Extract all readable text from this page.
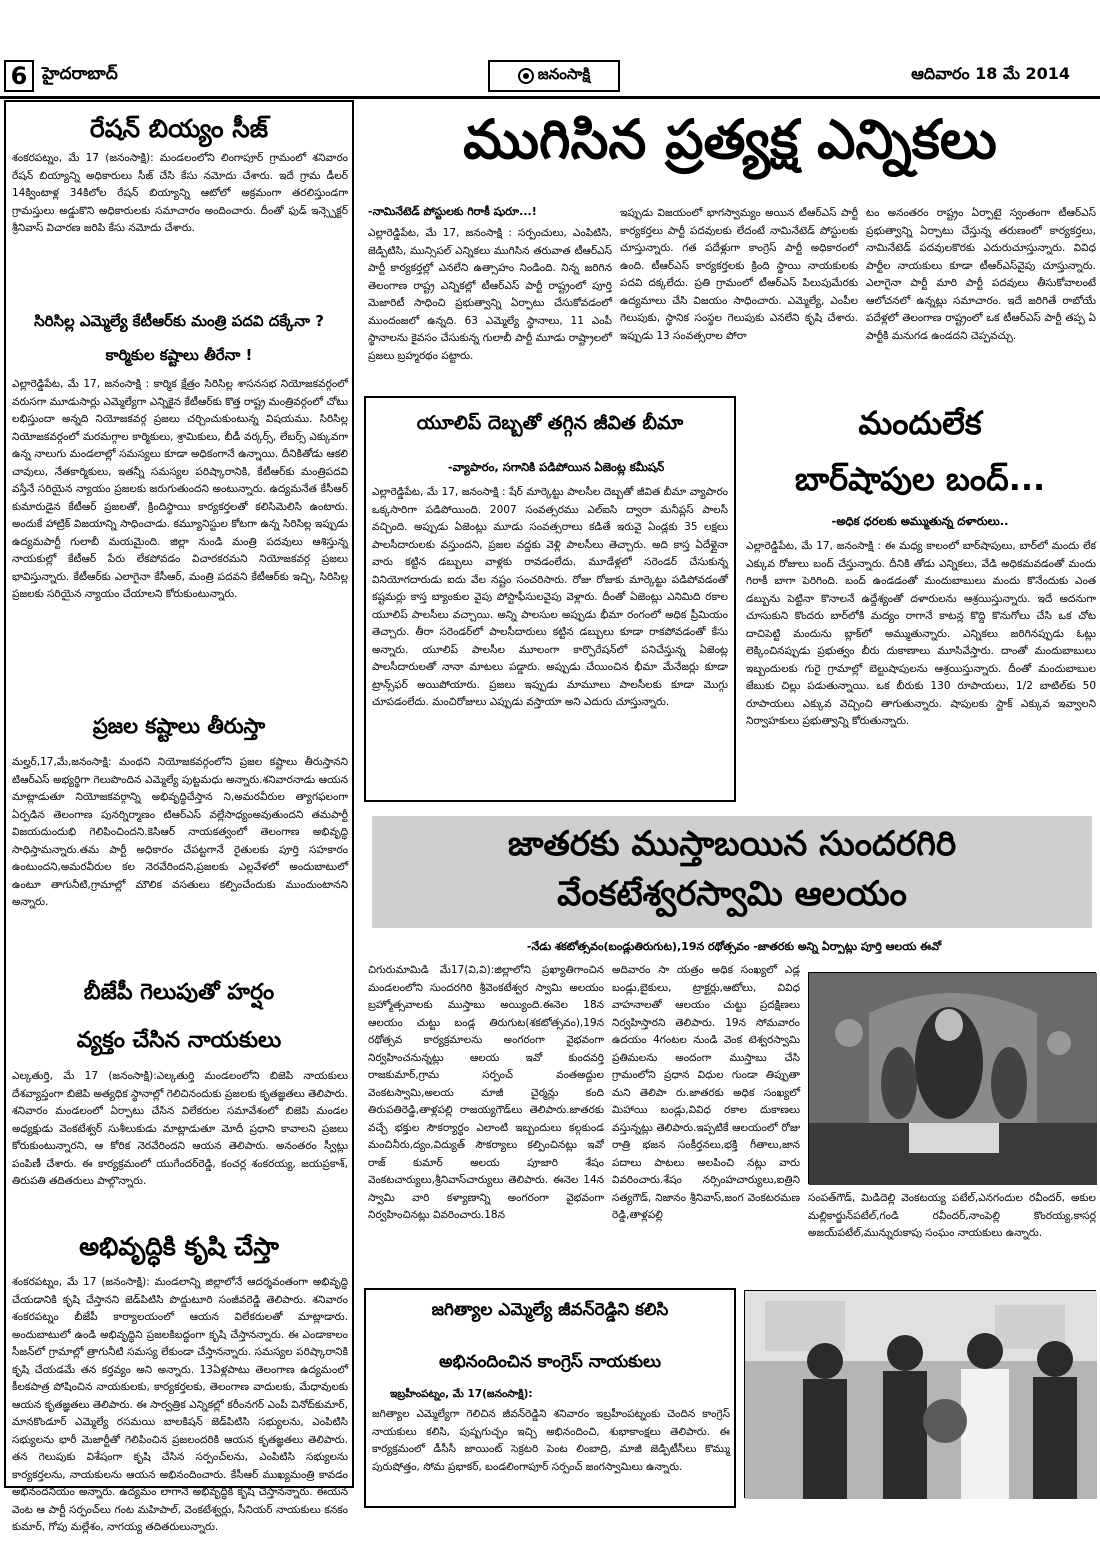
6 హైదరాబాద్	జనంసాక్షి	ఆదివారం 18 మే 2014
రేషన్ బియ్యం సీజ్
శంకరపట్నం, మే 17 (జనంసాక్షి): మండలంలోని లింగాపూర్ గ్రామంలో శనివారం రేషన్ బియ్యాన్ని అధికారులు సీజ్ చేసి కేసు నమోదు చేశారు. ఇదే గ్రామ డీలర్ 14క్వింటాళ్ల 34కిలోల రేషన్ బియ్యాన్ని ఆటోలో అక్రమంగా తరలిస్తుండగా గ్రామస్తులు అడ్డుకొని అధికారులకు సమాచారం అందించారు. దీంతో ఫుడ్ ఇన్స్పెక్టర్ శ్రీనివాస్ విచారణ జరిపి కేసు నమోదు చేశారు.
సిరిసిల్ల ఎమ్మెల్యే కేటీఆర్‌కు మంత్రి పదవి దక్కేనా ?
కార్మికుల కష్టాలు తీరేనా !
ఎల్లారెడ్డిపేట, మే 17, జనంసాక్షి : కార్మిక క్షేత్రం సిరిసిల్ల శాసనసభ నియోజకవర్గంలో వరుసగా మూడుసార్లు ఎమ్మెల్యేగా ఎన్నికైన కేటీఆర్‌కు కొత్త రాష్ట్ర మంత్రివర్గంలో చోటు లభిస్తుందా అన్నది నియోజకవర్గ ప్రజలు చర్చించుకుంటున్న విషయము. సిరిసిల్ల నియోజకవర్గంలో మరమగ్గాల కార్మికులు, శ్రామికులు, బీడీ వర్కర్స్, లేబర్స్ ఎక్కువగా ఉన్న నాలుగు మండలాల్లో సమస్యలు కూడా అధికంగానే ఉన్నాయి. దీనికితోడు ఆకలి చావులు, నేతకార్మికులు, ఇతన్నీ సమస్యల పరిష్కారానికి, కేటీఆర్‌కు మంత్రిపదవి వస్తేనే సరియైన న్యాయం ప్రజలకు జరుగుతుందని అంటున్నారు. ఉద్యమనేత కేసీఆర్ కుమారుడైన కేటీఆర్ ప్రజలతో, క్రిందిస్థాయి కార్యకర్తలతో కలిసిమెలిసి ఉంటారు. అందుకే హాట్రిక్ విజయాన్ని సాధించాడు. కమ్యూనిస్టుల కోటగా ఉన్న సిరిసిల్ల ఇప్పుడు ఉద్యమపార్టీ గులాబీ మయమైంది. జిల్లా నుండి మంత్రి పదవులు ఆశిస్తున్న నాయకుల్లో కేటీఆర్ పేరు లేకపోవడం విచారకరమని నియోజకవర్గ ప్రజలు భావిస్తున్నారు. కేటీఆర్‌కు ఎలాగైనా కేసీఆర్, మంత్రి పదవని కేటీఆర్‌కు ఇచ్చి, సిరిసిల్ల ప్రజలకు సరియైన న్యాయం చేయాలని కోరుకుంటున్నారు.
ప్రజల కష్టాలు తీరుస్తా
మల్హర్,17,మే,జనంసాక్షి: మంథని నియోజకవర్గంలోని ప్రజల కష్టాలు తీరుస్తానని టిఆర్‌ఎస్ అభ్యర్థిగా గెలుపొందిన ఎమ్మెల్యే పుట్టమధు అన్నారు.శనివారనాడు ఆయన మాట్లాడుతూ నియోజకవర్గాన్ని అభివృద్ధిచేస్తాన ని,అమరవీరుల త్యాగఫలంగా ఏర్పడిన తెలంగాణ పునర్నిర్మాణం టిఆర్‌ఎస్ వల్లేసాధ్యంఅవుతుందని తమపార్టీ విజయదుందుభి గెలిపించిందని.కెసిఆర్ నాయకత్వంలో తెలంగాణ అభివృద్ధి సాధిస్తామన్నారు.తమ పార్టీ అధికారం చేపట్టగానే రైతులకు పూర్తి సహకారం ఉంటుందని,అమరవీరుల కల నెరవేరిందని,ప్రజలకు ఎల్లవేళలో అందుబాటులో ఉంటూ తాగునీటి,గ్రామాల్లో మౌలిక వసతులు కల్పించేందుకు ముందుంటానని అన్నారు.
బీజేపీ గెలుపుతో హర్షం
వ్యక్తం చేసిన నాయకులు
ఎల్కతుర్తి, మే 17 (జనంసాక్షి):ఎల్కతుర్తి మండలంలోని బిజెపి నాయకులు దేశవ్యాప్తంగా బిజెపి అత్యధిక స్థానాల్లో గెలిచినందుకు ప్రజలకు కృతజ్ఞతలు తెలిపారు. శనివారం మండలంలో ఏర్పాటు చేసిన విలేకరుల సమావేశంలో బిజెపి మండల అధ్యక్షుడు వెంకటేశ్వర్ సుశీలుకుడు మాట్లాడుతూ మోదీ ప్రధాని కావాలని ప్రజలు కోరుకుంటున్నారని, ఆ కోరిక నెరవేరిందని ఆయన తెలిపారు. అనంతరం స్వీట్లు పంపిణీ చేశారు. ఈ కార్యక్రమంలో యుగేందర్‌రెడ్డి, కంచర్ల శంకరయ్య, జయప్రకాశ్, తిరుపతి తదితరులు పాల్గొన్నారు.
అభివృద్ధికి కృషి చేస్తా
శంకరపట్నం, మే 17 (జనంసాక్షి): మండలాన్ని జిల్లాలోనే ఆదర్శవంతంగా అభివృద్ధి చేయడానికి కృషి చేస్తానని జెడ్‌పిటిసి పొద్దుటూరి సంజీవరెడ్డి తెలిపారు. శనివారం శంకరపట్నం బీజేపీ కార్యాలయంలో ఆయన విలేకరులతో మాట్లాడారు. అందుబాటులో ఉండి అభివృద్ధిని ప్రజలకిబద్ధంగా కృషి చేస్తానన్నారు. ఈ ఎండాకాలం సీజన్‌లో గ్రామాల్లో త్రాగునీటి సమస్య లేకుండా చేస్తానన్నారు. సమస్యల పరిష్కారానికి కృషి చేయడమే తన కర్తవ్యం అని అన్నారు. 13ఏళ్లపాటు తెలంగాణ ఉద్యమంలో కీలకపాత్ర పోషించిన నాయకులకు, కార్యకర్తలకు, తెలంగాణ వాదులకు, మేధావులకు ఆయన కృతజ్ఞతలు తెలిపారు. ఈ సార్వత్రిక ఎన్నికల్లో కరీంనగర్ ఎంపీ వినోద్‌కుమార్, మానకొండూర్ ఎమ్మెల్యే రసమయి బాలకిషన్ జెడ్‌పిటిసి సభ్యులను, ఎంపిటిసి సభ్యులను భారీ మెజార్టీతో గెలిపించిన ప్రజలందరికి ఆయన కృతజ్ఞతలు తెలిపారు. తన గెలుపుకు విశేషంగా కృషి చేసిన సర్పంచ్‌లను, ఎంపిటిసి సభ్యులను కార్యకర్తలను, నాయకులను ఆయన అభినందించారు. కేసీఆర్ ముఖ్యమంత్రి కావడం అభినందనీయం అన్నారు. ఉద్యమం లాగానే అభివృద్ధికి కృషి చేస్తానన్నారు. ఈయన వెంట ఆ పార్టీ సర్పంచ్‌లు గంట మహిపాల్, వెంకటేశ్వర్లు, సీనియర్ నాయకులు కనకం కుమార్, గోపు మల్లేశం, నాగయ్య తదితరులున్నారు.
ముగిసిన ప్రత్యక్ష ఎన్నికలు
-నామినేటెడ్ పోస్టులకు గిరాకీ షురూ...!
ఎల్లారెడ్డిపేట, మే 17, జనంసాక్షి : సర్పంచులు, ఎంపిటిసి, జెడ్పిటిసి, మున్సిపల్ ఎన్నికలు ముగిసిన తరువాత టీఆర్‌ఎస్ పార్టీ కార్యకర్తల్లో ఎనలేని ఉత్సాహం నిండింది. నిన్న జరిగిన తెలంగాణ రాష్ట్ర ఎన్నికల్లో టీఆర్‌ఎస్ పార్టీ రాష్ట్రంలో పూర్తి మెజారిటీ సాధించి ప్రభుత్వాన్ని ఏర్పాటు చేసుకోవడంలో ముందంజలో ఉన్నది. 63 ఎమ్మెల్యే స్థానాలు, 11 ఎంపీ స్థానాలను కైవసం చేసుకున్న గులాబీ పార్టీ మూడు రాష్ట్రాలలో ప్రజలు బ్రహ్మరథం పట్టారు.
ఇప్పుడు విజయంలో భాగస్వామ్యం అయిన టీఆర్‌ఎస్ పార్టీ కార్యకర్తలు పార్టీ పదవులకు లేదంటే నామినేటెడ్ పోస్టులకు చూస్తున్నారు. గత పదేళ్లుగా కాంగ్రెస్ పార్టీ అధికారంలో ఉంది. టీఆర్‌ఎస్ కార్యకర్తలకు క్రింది స్థాయి నాయకులకు పదవి దక్కలేదు. ప్రతి గ్రామంలో టీఆర్‌ఎస్ పిలుపుమేరకు ఉద్యమాలు చేసి విజయం సాధించారు. ఎమ్మెల్యే, ఎంపీల గెలుపుకు, స్థానిక సంస్థల గెలుపుకు ఎనలేని కృషి చేశారు. ఇప్పుడు 13 సంవత్సరాల పోరా
టం అనంతరం రాష్ట్రం ఏర్పాటై స్వంతంగా టీఆర్‌ఎస్ ప్రభుత్వాన్ని ఏర్పాటు చేస్తున్న తరుణంలో కార్యకర్తలు, నామినేటెడ్ పదవులకొరకు ఎదురుచూస్తున్నారు. వివిధ పార్టీల నాయకులు కూడా టీఆర్‌ఎస్‌వైపు చూస్తున్నారు. ఎలాగైనా పార్టీ మారి పార్టీ పదవులు తీసుకోవాలంటే ఆలోచనలో ఉన్నట్లు సమాచారం. ఇదే జరిగితే రాబోయే పదేళ్లలో తెలంగాణ రాష్ట్రంలో ఒక టీఆర్‌ఎస్ పార్టీ తప్ప ఏ పార్టీకి మనుగడ ఉండదని చెప్పవచ్చు.
యూలిప్ దెబ్బతో తగ్గిన జీవిత బీమా
-వ్యాపారం, సగానికి పడిపోయిన ఏజెంట్ల కమీషన్
ఎల్లారెడ్డిపేట, మే 17, జనంసాక్షి : షేర్ మార్కెట్టు పాలసీల దెబ్బతో జీవిత బీమా వ్యాపారం ఒక్కసారిగా పడిపోయింది. 2007 సంవత్సరము ఎల్‌ఐసి ద్వారా మనీప్లస్ పాలసీ వచ్చింది. అప్పుడు ఏజెంట్లు మూడు సంవత్సరాలు కడితే ఇరువై ఏండ్లకు 35 లక్షలు పాలసీదారులకు వస్తుందని, ప్రజల వద్దకు వెళ్లి పాలసీలు తెచ్చారు. అది కాస్త ఏదేళ్లైనా వారు కట్టిన డబ్బులు వాళ్లకు రావడంలేదు. మూడేళ్లలో సరెండర్ చేసుకున్న వినియోగదారుడు ఐదు వేల నష్టం సంచరిసారు. రోజు రోజుకు మార్కెట్టు పడిపోవడంతో కష్టమర్లు కాస్త బ్యాంకుల వైపు పోస్టాఫీసులవైపు వెళ్లారు. దీంతో ఏజెంట్లు ఎనిమిది రకాల యూలిప్ పాలసీలు వచ్చాయి. అన్ని పాలసుల అప్పుడు భీమా రంగంలో అధిక ప్రీమియం తెచ్చారు. తీరా సరెండర్‌లో పాలసీదారులు కట్టిన డబ్బులు కూడా రాకపోవడంతో కేసు అన్నారు. యూలిప్ పాలసీల మూలంగా కార్పొరేషన్‌లో పనిచేస్తున్న ఏజెంట్ల పాలసీదారులతో నానా మాటలు పడ్డారు. అప్పుడు చేయించిన భీమా మేనేజర్లు కూడా ట్రాన్స్‌ఫర్ అయిపోయారు. ప్రజలు ఇప్పుడు మామూలు పాలసీలకు కూడా మొగ్గు చూపడంలేదు. మంచిరోజులు ఎప్పుడు వస్తాయా అని ఎదురు చూస్తున్నారు.
మందులేక
బార్‌షాపుల బంద్...
-అధిక ధరలకు అమ్ముతున్న దళారులు..
ఎల్లారెడ్డిపేట, మే 17, జనంసాక్షి : ఈ మధ్య కాలంలో బార్‌షాపులు, బార్‌లో మందు లేక ఎక్కువ రోజులు బంద్ చేస్తున్నారు. దీనికి తోడు ఎన్నికలు, వేడి అధికమవడంతో మందు గిరాకీ బాగా పెరిగింది. బంద్ ఉండడంతో మందుబాబులు మందు కొనేందుకు ఎంత డబ్బును పెట్టినా కొనాలనే ఉద్దేశ్యంతో దళారులను ఆశ్రయిస్తున్నారు. ఇదే అదనుగా చూసుకుని కొందరు బార్‌లోకి మద్యం రాగానే కాటన్ల కొద్ది కొనుగోలు చేసి ఒక చోట దాచిపెట్టి మందును బ్లాక్‌లో అమ్ముతున్నారు. ఎన్నికలు జరిగినప్పుడు ఓట్లు లెక్కించినప్పుడు ప్రభుత్వం బీరు దుకాణాలు మూసివేస్తారు. దాంతో మందుబాబులు ఇబ్బందులకు గురై గ్రామాల్లో బెల్టుషాపులను ఆశ్రయిస్తున్నారు. దీంతో మందుబాబుల జేబుకు చిల్లు పడుతున్నాయి. ఒక బీరుకు 130 రూపాయలు, 1/2 బాటిల్‌కు 50 రూపాయలు ఎక్కువ వెచ్చించి తాగుతున్నారు. షాపులకు స్టాక్ ఎక్కువ ఇవ్వాలని నిర్వాహకులు ప్రభుత్వాన్ని కోరుతున్నారు.
జాతరకు ముస్తాబయిన సుందరగిరి
వేంకటేశ్వరస్వామి ఆలయం
-నేడు శకటోత్సవం(బండ్లుతిరుగుట),19న రథోత్సవం -జాతరకు అన్ని ఏర్పాట్లు పూర్తి ఆలయ ఈవో
చిగురుమామిడి మే17(వి,వి):జిల్లాలోని ప్రఖ్యాతిగాంచిన మండలంలోని సుందరగిరి శ్రీవెంకటేశ్వర స్వామి అలయం బ్రహ్మోత్సవాలకు ముస్తాబు అయ్యింది.ఈనెల 18న ఆలయం చుట్టు బండ్ల తిరుగుట(శకటోత్సవం),19న రథోత్సవ కార్యక్రమాలను అంగరంగా వైభవంగా నిర్వహించనున్నట్లు ఆలయ ఇవో కుందవర్తి రాజకుమార్,గ్రామ సర్పంచ్ వంతఅద్దుల వెంకటస్వామి,అలయ మాజీ చైర్మన్లు కంది తిరుపతిరెడ్డి,తాళ్లపల్లి రాజయ్యగౌడ్‌లు తెలిపారు.జాతరకు వచ్చే భక్తుల సౌకర్యార్థం ఎలాంటి ఇబ్బందులు కల్గకుండ మంచినీరు,ద్యం,విద్యుత్ సౌకర్యాలు కల్పించినట్లు ఇవో రాజ్ కుమార్ అలయ పూజారి శేషం వెంకటచార్యులు,శ్రీనివాస్‌చార్యులు తెలిపారు. ఈనెల 14న స్వామి వారి కళ్యాణాన్ని అంగరంగా వైభవంగా నిర్వహించినట్లు వివరించారు.18న
అదివారం సా యత్రం అధిక సంఖ్యలో ఎడ్ల బండ్లు,బైకులు, ట్రాక్టర్లు,ఆటోలు, వివిధ వాహనాలతో ఆలయం చుట్టు ప్రదక్షిణలు నిర్వహిస్తారని తెలిపారు. 19న సోమవారం ఉదయం 4గంటల నుండి వెంక టెశ్వరస్వామి ప్రతిమలను అందంగా ముస్తాబు చేసి గ్రామంలోని ప్రధాన విధుల గుండా తిప్పుతా మని తెలిపా రు.జాతరకు అధిక సంఖ్యలో మిహాయి బండ్లు,వివిధ రకాల దుకాణలు వస్తున్నట్లు తెలిపారు.ఇప్పటికే ఆలయంలో రోజు రాత్రి భజన సంకీర్తనలు,భక్తి గీతాలు,జాన పదాలు పాటలు అలపించి నట్లు వారు వివరించారు.శేషం నర్సింహచార్యులు,ఐత్రిని సత్యగౌడ్, నిజానం శ్రీనివాస్,జంగ వెంకటరమణ రెడ్డి,తాళ్లపల్లి
సంపత్‌గౌడ్, మిడిదెల్లి వెంకటయ్య పటేల్,ఎనగందుల రవీందర్, అకుల మల్లికార్జున్‌పటేల్,గండి రవీందర్,నాంపెల్లి కొంరయ్య,కాసర్ల అజయ్‌పటేల్,మున్నురుకాపు సంఘం నాయకులు ఉన్నారు.
జగిత్యాల ఎమ్మెల్యే జీవన్‌రెడ్డిని కలిసి
అభినందించిన కాంగ్రెస్ నాయకులు
ఇబ్రహీంపట్నం, మే 17(జనంసాక్షి):
జగిత్యాల ఎమ్మెల్యేగా గెలిచిన జీవన్‌రెడ్డిని శనివారం ఇబ్రహీంపట్నంకు చెందిన కాంగ్రెస్ నాయకులు కలిసి, పుష్పగుచ్ఛం ఇచ్చి అభినందించి, శుభాకాంక్షలు తెలిపారు. ఈ కార్యక్రమంలో డీసీసీ జాయింట్ సెక్రటరి పెంట లింబాద్రి, మాజీ జెడ్పిటీసీలు కొమ్ము పురుషోత్తం, సోమ ప్రభాకర్, బండలింగాపూర్ సర్పంచ్ జంగస్వామిలు ఉన్నారు.
